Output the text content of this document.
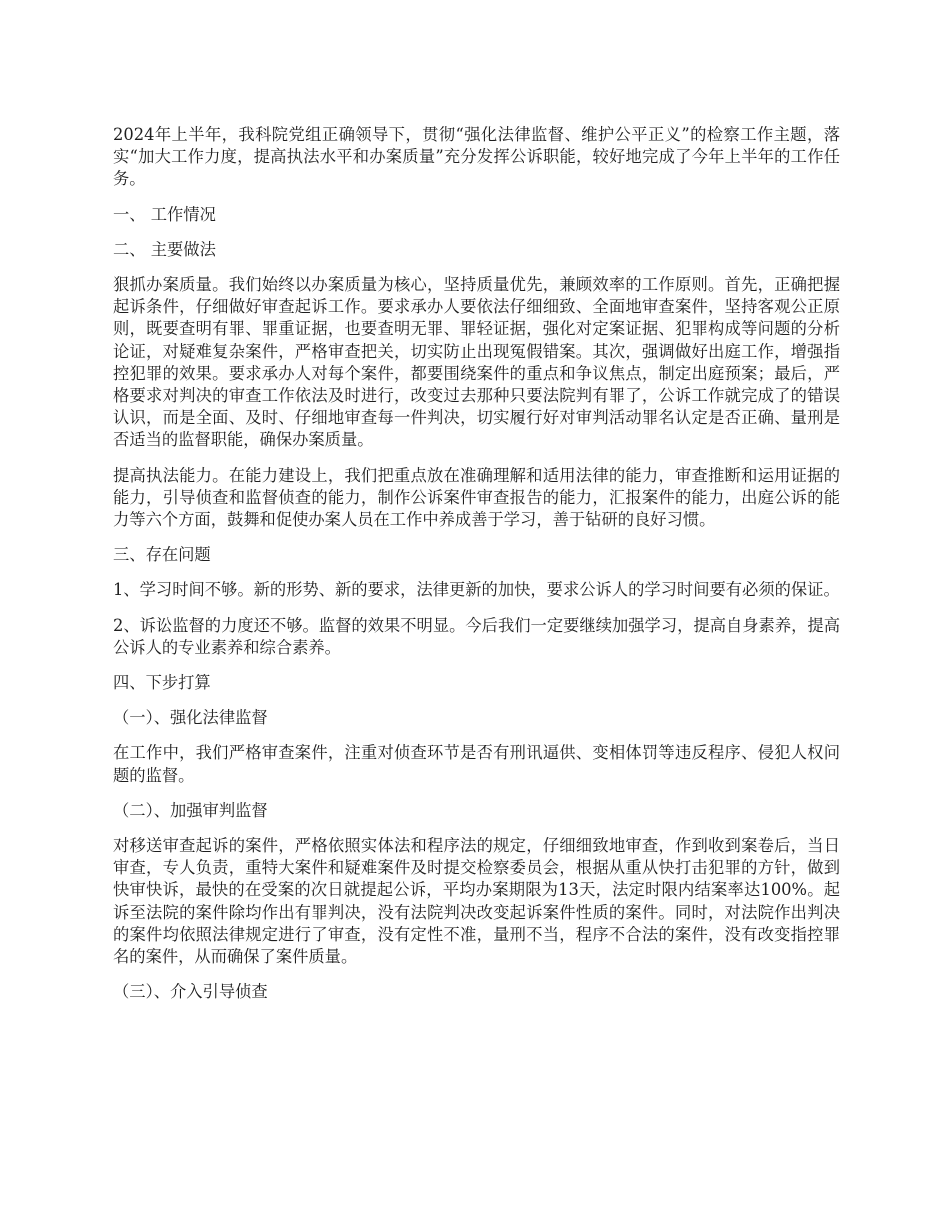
2024年上半年，我科院党组正确领导下，贯彻“强化法律监督、维护公平正义”的检察工作主题，落实“加大工作力度，提高执法水平和办案质量”充分发挥公诉职能，较好地完成了今年上半年的工作任务。

一、 工作情况

二、 主要做法

狠抓办案质量。我们始终以办案质量为核心，坚持质量优先，兼顾效率的工作原则。首先，正确把握起诉条件，仔细做好审查起诉工作。要求承办人要依法仔细细致、全面地审查案件，坚持客观公正原则，既要查明有罪、罪重证据，也要查明无罪、罪轻证据，强化对定案证据、犯罪构成等问题的分析论证，对疑难复杂案件，严格审查把关，切实防止出现冤假错案。其次，强调做好出庭工作，增强指控犯罪的效果。要求承办人对每个案件，都要围绕案件的重点和争议焦点，制定出庭预案；最后，严格要求对判决的审查工作依法及时进行，改变过去那种只要法院判有罪了，公诉工作就完成了的错误认识，而是全面、及时、仔细地审查每一件判决，切实履行好对审判活动罪名认定是否正确、量刑是否适当的监督职能，确保办案质量。

提高执法能力。在能力建设上，我们把重点放在准确理解和适用法律的能力，审查推断和运用证据的能力，引导侦查和监督侦查的能力，制作公诉案件审查报告的能力，汇报案件的能力，出庭公诉的能力等六个方面，鼓舞和促使办案人员在工作中养成善于学习，善于钻研的良好习惯。

三、存在问题

1、学习时间不够。新的形势、新的要求，法律更新的加快，要求公诉人的学习时间要有必须的保证。

2、诉讼监督的力度还不够。监督的效果不明显。今后我们一定要继续加强学习，提高自身素养，提高公诉人的专业素养和综合素养。

四、下步打算

（一）、强化法律监督

在工作中，我们严格审查案件，注重对侦查环节是否有刑讯逼供、变相体罚等违反程序、侵犯人权问题的监督。

（二）、加强审判监督

对移送审查起诉的案件，严格依照实体法和程序法的规定，仔细细致地审查，作到收到案卷后，当日审查，专人负责，重特大案件和疑难案件及时提交检察委员会，根据从重从快打击犯罪的方针，做到快审快诉，最快的在受案的次日就提起公诉，平均办案期限为13天，法定时限内结案率达100%。起诉至法院的案件除均作出有罪判决，没有法院判决改变起诉案件性质的案件。同时，对法院作出判决的案件均依照法律规定进行了审查，没有定性不准，量刑不当，程序不合法的案件，没有改变指控罪名的案件，从而确保了案件质量。

（三）、介入引导侦查
